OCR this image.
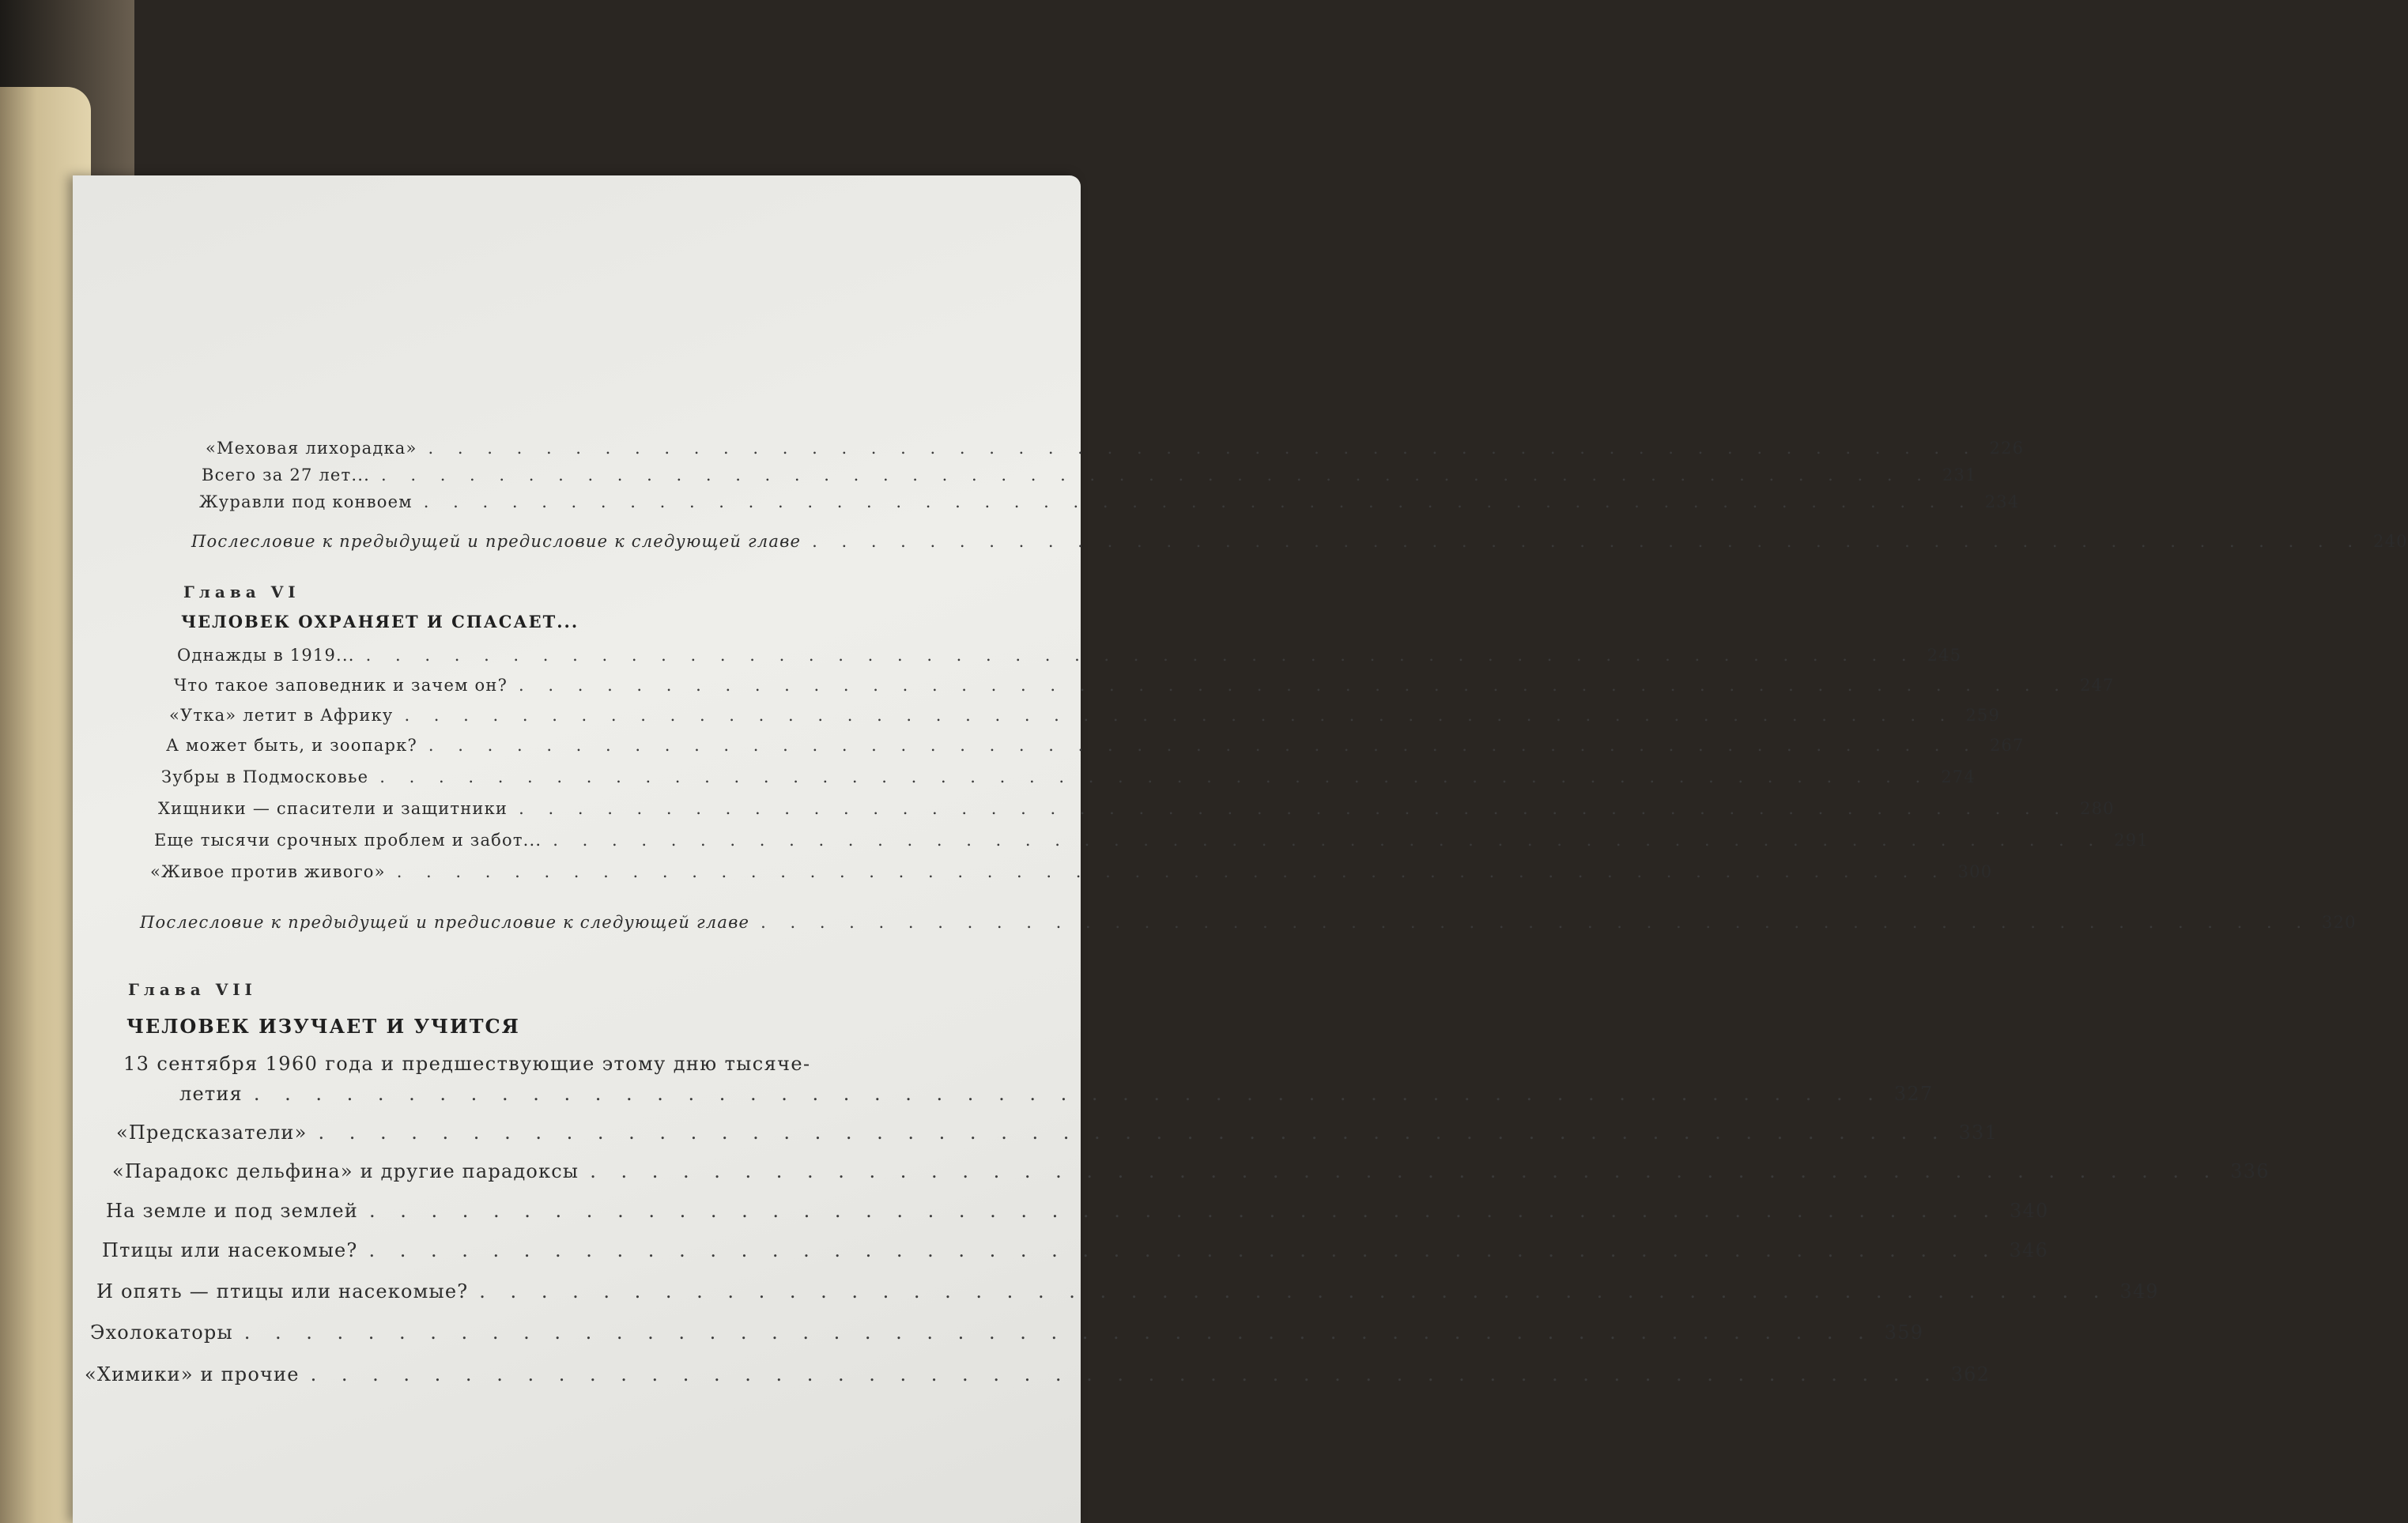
«Меховая лихорадка» . . .	226
Всего за 27 лет... . . .	231
Журавли под конвоем . . .	234
Послесловие к предыдущей и предисловие к следующей главе . . .	240
Глава VI
ЧЕЛОВЕК ОХРАНЯЕТ И СПАСАЕТ...
Однажды в 1919... . . .	245
Что такое заповедник и зачем он? . . .	247
«Утка» летит в Африку . . .	259
А может быть, и зоопарк? . . .	267
Зубры в Подмосковье . . .	274
Хищники — спасители и защитники . . .	280
Еще тысячи срочных проблем и забот... . . .	291
«Живое против живого» . . .	300
Послесловие к предыдущей и предисловие к следующей главе . . .	320
Глава VII
ЧЕЛОВЕК ИЗУЧАЕТ И УЧИТСЯ
13 сентября 1960 года и предшествующие этому дню тысяче-
летия . . .	327
«Предсказатели» . . .	331
«Парадокс дельфина» и другие парадоксы . . .	336
На земле и под землей . . .	340
Птицы или насекомые? . . .	346
И опять — птицы или насекомые? . . .	349
Эхолокаторы . . .	359
«Химики» и прочие . . .	362
